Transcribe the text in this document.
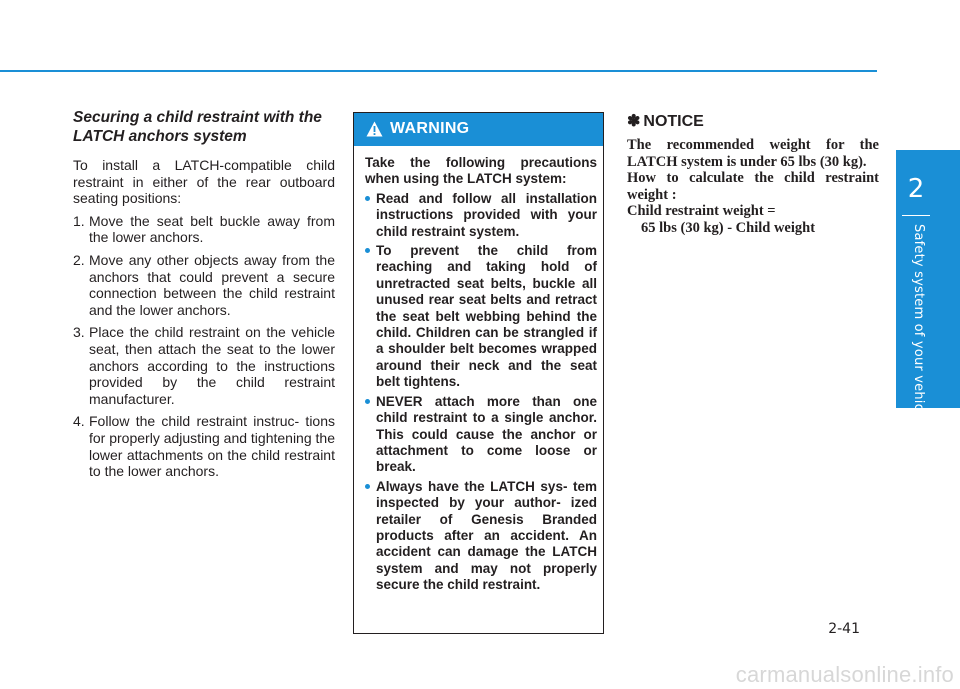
2
Safety system of your vehicle
Securing a child restraint with the LATCH anchors system

To install a LATCH-compatible child restraint in either of the rear outboard seating positions:

1. Move the seat belt buckle away from the lower anchors.
2. Move any other objects away from the anchors that could prevent a secure connection between the child restraint and the lower anchors.
3. Place the child restraint on the vehicle seat, then attach the seat to the lower anchors according to the instructions provided by the child restraint manufacturer.
4. Follow the child restraint instruc- tions for properly adjusting and tightening the lower attachments on the child restraint to the lower anchors.
WARNING

Take the following precautions when using the LATCH system:

Read and follow all installation instructions provided with your child restraint system.
To prevent the child from reaching and taking hold of unretracted seat belts, buckle all unused rear seat belts and retract the seat belt webbing behind the child. Children can be strangled if a shoulder belt becomes wrapped around their neck and the seat belt tightens.
NEVER attach more than one child restraint to a single anchor. This could cause the anchor or attachment to come loose or break.
Always have the LATCH sys- tem inspected by your author- ized retailer of Genesis Branded products after an accident. An accident can damage the LATCH system and may not properly secure the child restraint.
✽ NOTICE

The recommended weight for the LATCH system is under 65 lbs (30 kg).

How to calculate the child restraint weight :

Child restraint weight =

65 lbs (30 kg) - Child weight

2-41
carmanualsonline.info
